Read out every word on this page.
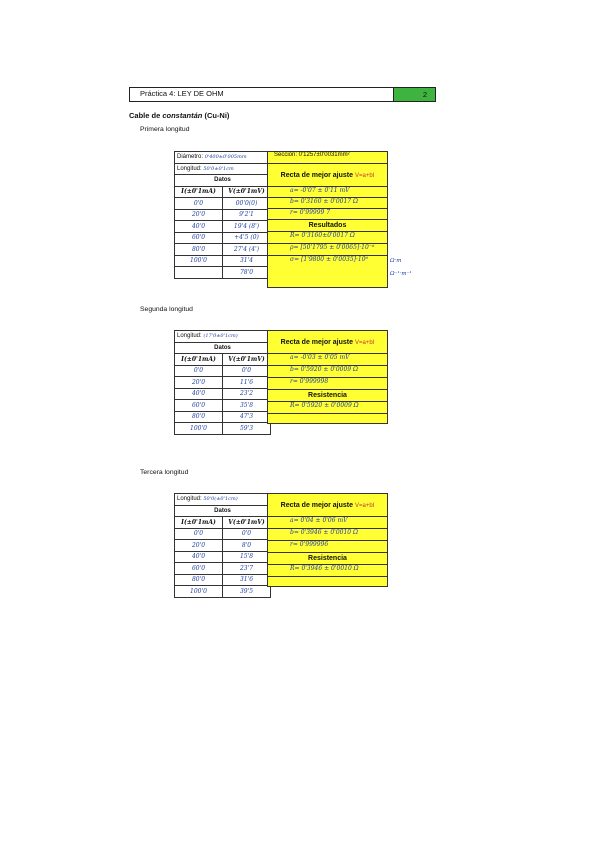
Práctica 4: LEY DE OHM	2
Cable de constantán (Cu-Ni)
Primera longitud
Diámetro: 0'400±0'005mm	
Longitud: 50'0±0'1cm	
Datos	
I(±0'1mA)	V(±0'1mV)
0'0	00'0(0)
20'0	9'2'1
40'0	19'4 (8')
60'0	+4'5 (0)
80'0	27'4 (4')
100'0	31'4
	78'0
Sección: 0'1257±0'0031mm²
Recta de mejor ajuste V=a+bI
a= -0'07 ± 0'11 mV
b= 0'3160 ± 0'0017 Ω
r= 0'99999 7
Resultados
R= 0'3160±0'0017 Ω
ρ= [50'1795 ± 0'0065]·10⁻⁶
σ= [1'9800 ± 0'0035]·10⁶	Ω·m
Ω⁻¹·m⁻¹
Segunda longitud
Longitud: (17'0±0'1cm)	
Datos	
I(±0'1mA)	V(±0'1mV)
0'0	0'0
20'0	11'6
40'0	23'2
60'0	35'8
80'0	47'3
100'0	59'3
Recta de mejor ajuste V=a+bI
a= -0'03 ± 0'05 mV
b= 0'5920 ± 0'0009 Ω
r= 0'999998
Resistencia
R= 0'5920 ± 0'0009 Ω
Tercera longitud
Longitud: 50'0(±0'1cm)	
Datos	
I(±0'1mA)	V(±0'1mV)
0'0	0'0
20'0	8'0
40'0	15'8
60'0	23'7
80'0	31'6
100'0	39'5
Recta de mejor ajuste V=a+bI
a= 0'04 ± 0'06 mV
b= 0'3946 ± 0'0010 Ω
r= 0'999996
Resistencia
R= 0'3946 ± 0'0010 Ω
